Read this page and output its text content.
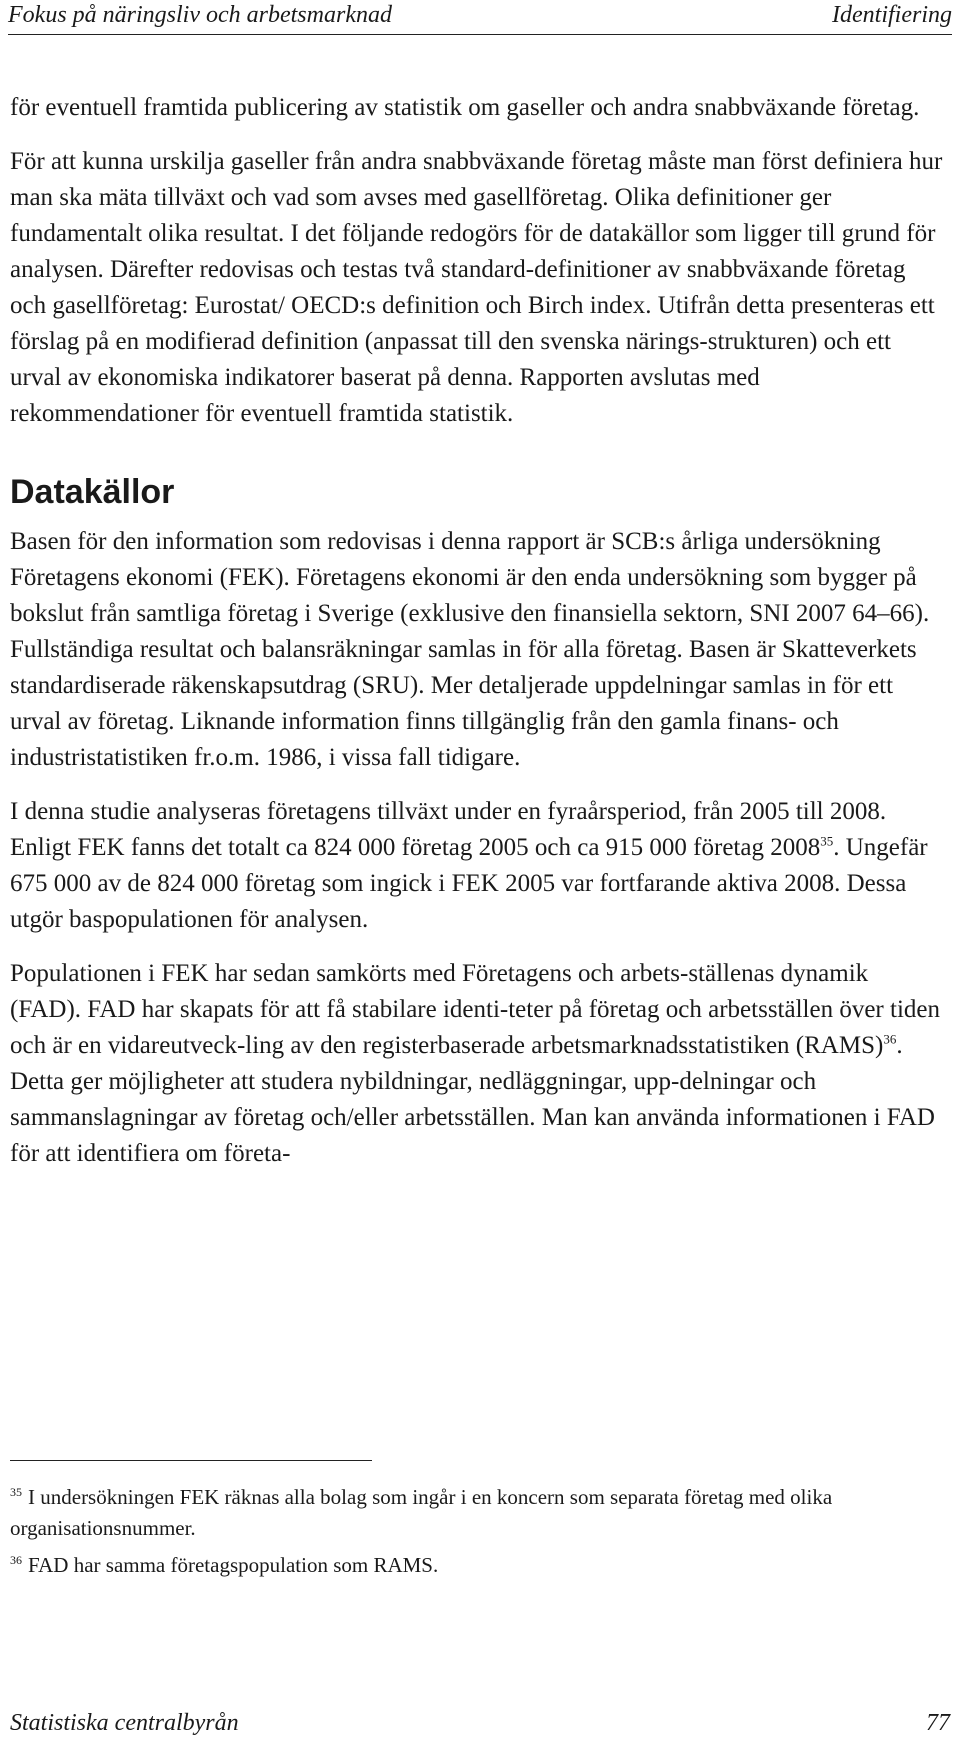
Fokus på näringsliv och arbetsmarknad	Identifiering

för eventuell framtida publicering av statistik om gaseller och andra snabbväxande företag.

För att kunna urskilja gaseller från andra snabbväxande företag måste man först definiera hur man ska mäta tillväxt och vad som avses med gasellföretag. Olika definitioner ger fundamentalt olika resultat. I det följande redogörs för de datakällor som ligger till grund för analysen. Därefter redovisas och testas två standard-definitioner av snabbväxande företag och gasellföretag: Eurostat/ OECD:s definition och Birch index. Utifrån detta presenteras ett förslag på en modifierad definition (anpassat till den svenska närings-strukturen) och ett urval av ekonomiska indikatorer baserat på denna. Rapporten avslutas med rekommendationer för eventuell framtida statistik.

Datakällor

Basen för den information som redovisas i denna rapport är SCB:s årliga undersökning Företagens ekonomi (FEK). Företagens ekonomi är den enda undersökning som bygger på bokslut från samtliga företag i Sverige (exklusive den finansiella sektorn, SNI 2007 64–66). Fullständiga resultat och balansräkningar samlas in för alla företag. Basen är Skatteverkets standardiserade räkenskapsutdrag (SRU). Mer detaljerade uppdelningar samlas in för ett urval av företag. Liknande information finns tillgänglig från den gamla finans- och industristatistiken fr.o.m. 1986, i vissa fall tidigare.

I denna studie analyseras företagens tillväxt under en fyraårsperiod, från 2005 till 2008. Enligt FEK fanns det totalt ca 824 000 företag 2005 och ca 915 000 företag 2008$^{35}$. Ungefär 675 000 av de 824 000 företag som ingick i FEK 2005 var fortfarande aktiva 2008. Dessa utgör baspopulationen för analysen.

Populationen i FEK har sedan samkörts med Företagens och arbets-ställenas dynamik (FAD). FAD har skapats för att få stabilare identi-teter på företag och arbetsställen över tiden och är en vidareutveck-ling av den registerbaserade arbetsmarknadsstatistiken (RAMS)$^{36}$. Detta ger möjligheter att studera nybildningar, nedläggningar, upp-delningar och sammanslagningar av företag och/eller arbetsställen. Man kan använda informationen i FAD för att identifiera om företa-

$^{35}$ I undersökningen FEK räknas alla bolag som ingår i en koncern som separata företag med olika organisationsnummer.
$^{36}$ FAD har samma företagspopulation som RAMS.
Statistiska centralbyrån	77
